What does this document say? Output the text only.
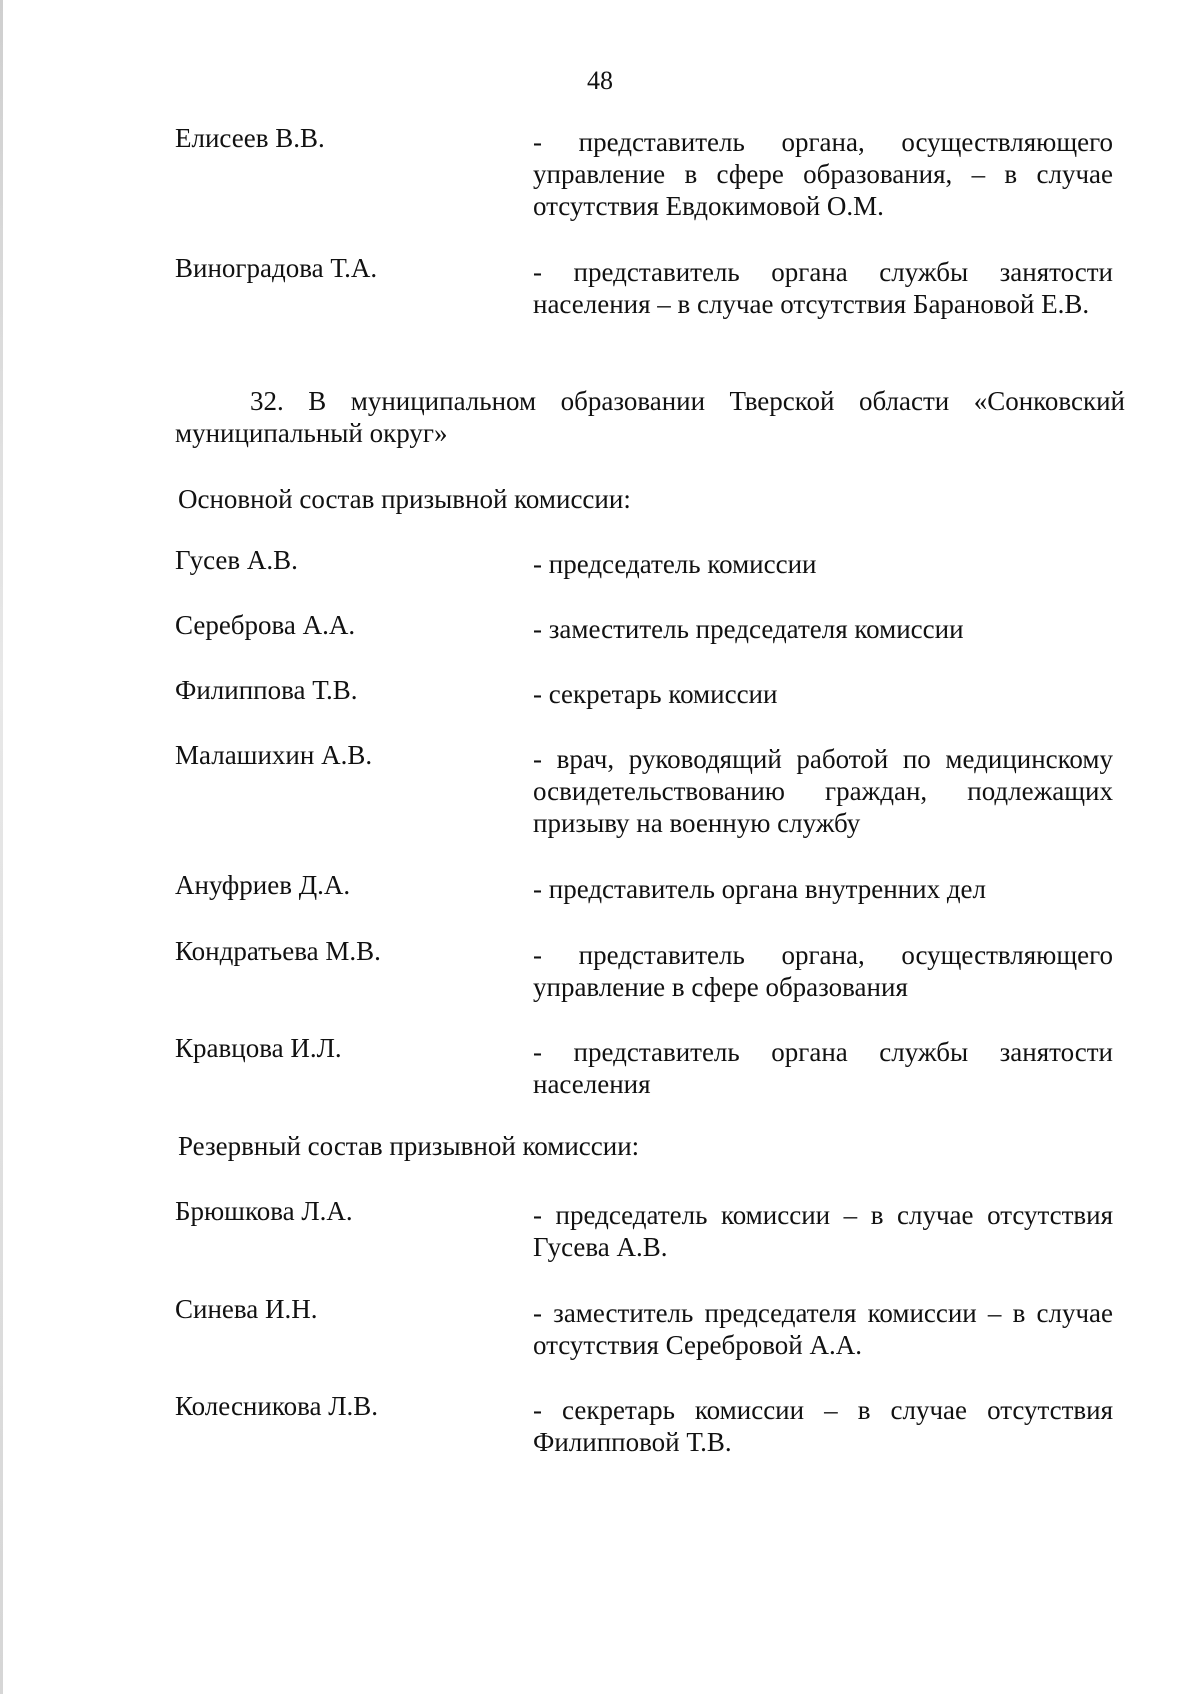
48
Елисеев В.В.	- представитель органа, осуществляющего управление в сфере образования, – в случае отсутствия Евдокимовой О.М.
Виноградова Т.А.	- представитель органа службы занятости населения – в случае отсутствия Барановой Е.В.
32. В муниципальном образовании Тверской области «Сонковский муниципальный округ»
Основной состав призывной комиссии:
Гусев А.В.	- председатель комиссии
Сереброва А.А.	- заместитель председателя комиссии
Филиппова Т.В.	- секретарь комиссии
Малашихин А.В.	- врач, руководящий работой по медицинскому освидетельствованию граждан, подлежащих призыву на военную службу
Ануфриев Д.А.	- представитель органа внутренних дел
Кондратьева М.В.	- представитель органа, осуществляющего управление в сфере образования
Кравцова И.Л.	- представитель органа службы занятости населения
Резервный состав призывной комиссии:
Брюшкова Л.А.	- председатель комиссии – в случае отсутствия Гусева А.В.
Синева И.Н.	- заместитель председателя комиссии – в случае отсутствия Серебровой А.А.
Колесникова Л.В.	- секретарь комиссии – в случае отсутствия Филипповой Т.В.
